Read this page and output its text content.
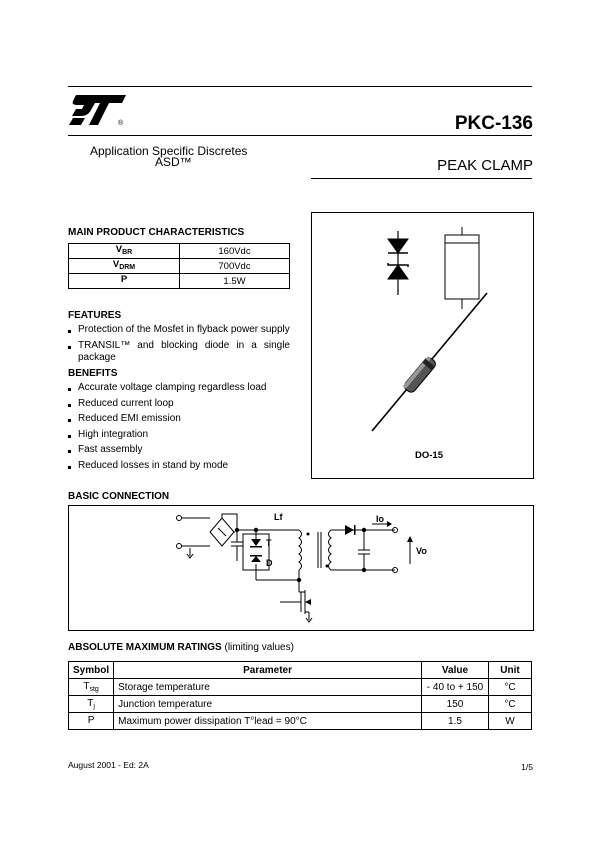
®	PKC-136
Application Specific Discretes
ASD™	PEAK CLAMP
MAIN PRODUCT CHARACTERISTICS
$V_{BR}$	160Vdc
$V_{DRM}$	700Vdc
P	1.5W
FEATURES
Protection of the Mosfet in flyback power supply
TRANSIL™ and blocking diode in a single package
BENEFITS
Accurate voltage clamping regardless load
Reduced current loop
Reduced EMI emission
High integration
Fast assembly
Reduced losses in stand by mode
DO-15
BASIC CONNECTION
Lf
T
D
Io
Vo
ABSOLUTE MAXIMUM RATINGS (limiting values)
Symbol	Parameter	Value	Unit
$T_{stg}$	Storage temperature	- 40 to + 150	°C
$T_j$	Junction temperature	150	°C
P	Maximum power dissipation T°lead = 90°C	1.5	W
August 2001 - Ed: 2A	1/5
